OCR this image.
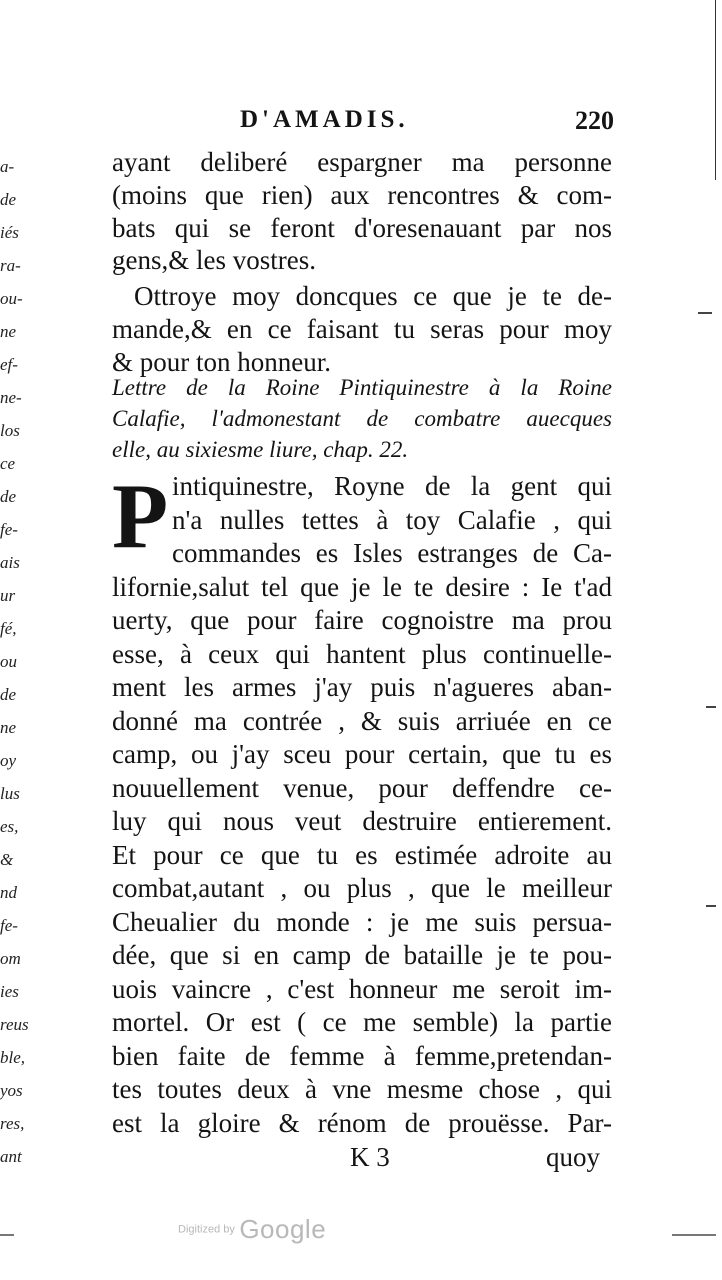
a-
de
iés
ra-
ou-
ne
ef-
ne-
los
ce
de
fe-
ais
ur
fé,
ou
de
ne
oy
lus
es,
&
nd
fe-
om
ies
reus
ble,
yos
res,
ant
D'AMADIS.	220
ayant deliberé espargner ma personne
(moins que rien) aux rencontres & com-
bats qui se feront d'oresenauant par nos
gens,& les vostres.
Ottroye moy doncques ce que je te de-
mande,& en ce faisant tu seras pour moy
& pour ton honneur.
Lettre de la Roine Pintiquinestre à la Roine
Calafie, l'admonestant de combatre auecques
elle, au sixiesme liure, chap. 22.
P intiquinestre, Royne de la gent qui
n'a nulles tettes à toy Calafie , qui
commandes es Isles estranges de Ca-
lifornie,salut tel que je le te desire : Ie t'ad
uerty, que pour faire cognoistre ma prou
esse, à ceux qui hantent plus continuelle-
ment les armes j'ay puis n'agueres aban-
donné ma contrée , & suis arriuée en ce
camp, ou j'ay sceu pour certain, que tu es
nouuellement venue, pour deffendre ce-
luy qui nous veut destruire entierement.
Et pour ce que tu es estimée adroite au
combat,autant , ou plus , que le meilleur
Cheualier du monde : je me suis persua-
dée, que si en camp de bataille je te pou-
uois vaincre , c'est honneur me seroit im-
mortel. Or est ( ce me semble) la partie
bien faite de femme à femme,pretendan-
tes toutes deux à vne mesme chose , qui
est la gloire & rénom de prouësse. Par-
K 3	quoy
Digitized by Google
